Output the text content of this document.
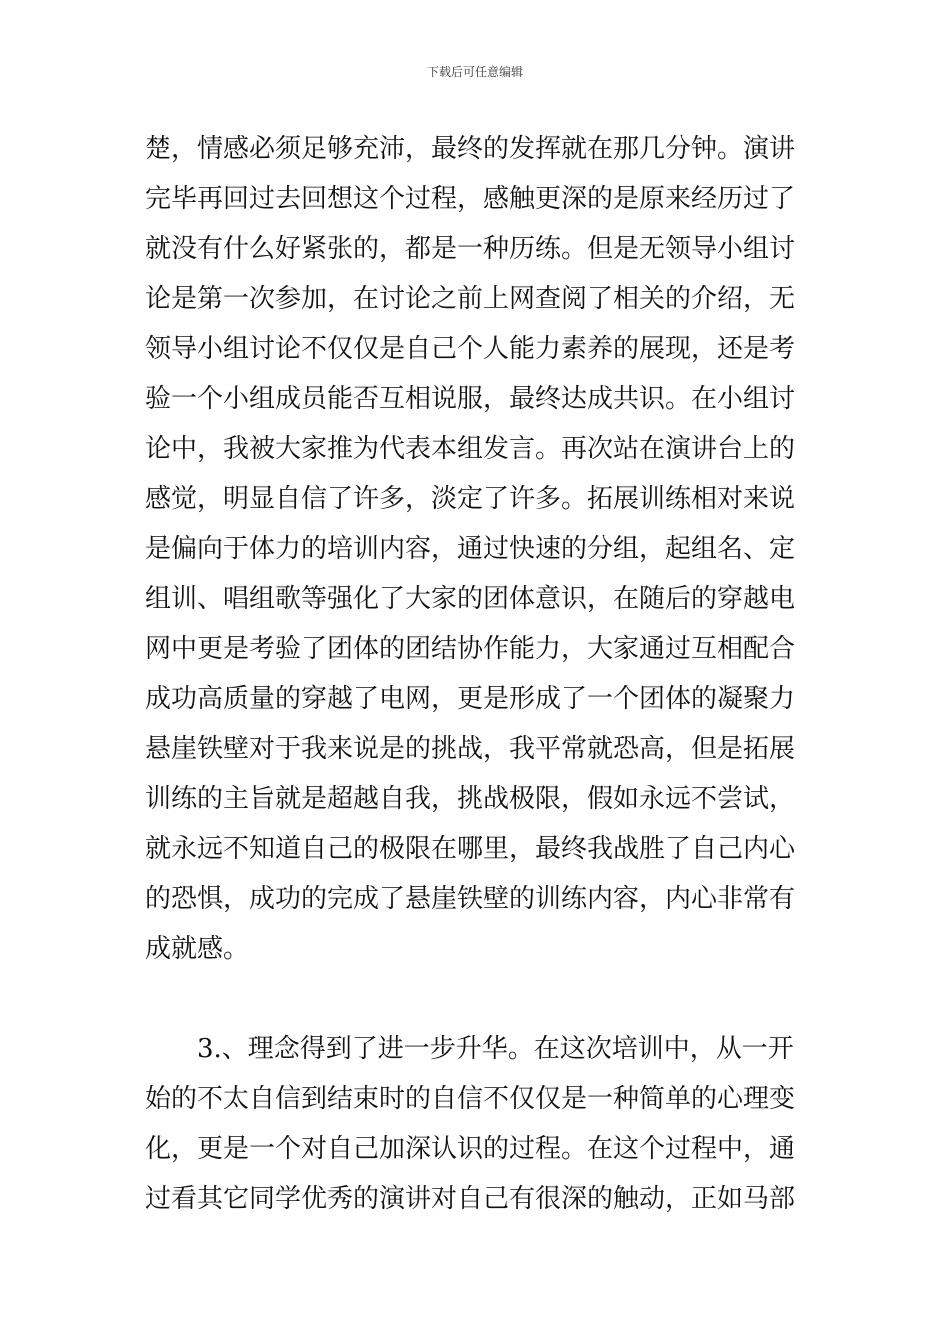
下载后可任意编辑
楚，情感必须足够充沛，最终的发挥就在那几分钟。演讲
完毕再回过去回想这个过程，感触更深的是原来经历过了
就没有什么好紧张的，都是一种历练。但是无领导小组讨
论是第一次参加，在讨论之前上网查阅了相关的介绍，无
领导小组讨论不仅仅是自己个人能力素养的展现，还是考
验一个小组成员能否互相说服，最终达成共识。在小组讨
论中，我被大家推为代表本组发言。再次站在演讲台上的
感觉，明显自信了许多，淡定了许多。拓展训练相对来说
是偏向于体力的培训内容，通过快速的分组，起组名、定
组训、唱组歌等强化了大家的团体意识，在随后的穿越电
网中更是考验了团体的团结协作能力，大家通过互相配合
成功高质量的穿越了电网，更是形成了一个团体的凝聚力
悬崖铁壁对于我来说是的挑战，我平常就恐高，但是拓展
训练的主旨就是超越自我，挑战极限，假如永远不尝试，
就永远不知道自己的极限在哪里，最终我战胜了自己内心
的恐惧，成功的完成了悬崖铁壁的训练内容，内心非常有
成就感。
3.、理念得到了进一步升华。在这次培训中，从一开
始的不太自信到结束时的自信不仅仅是一种简单的心理变
化，更是一个对自己加深认识的过程。在这个过程中，通
过看其它同学优秀的演讲对自己有很深的触动，正如马部
